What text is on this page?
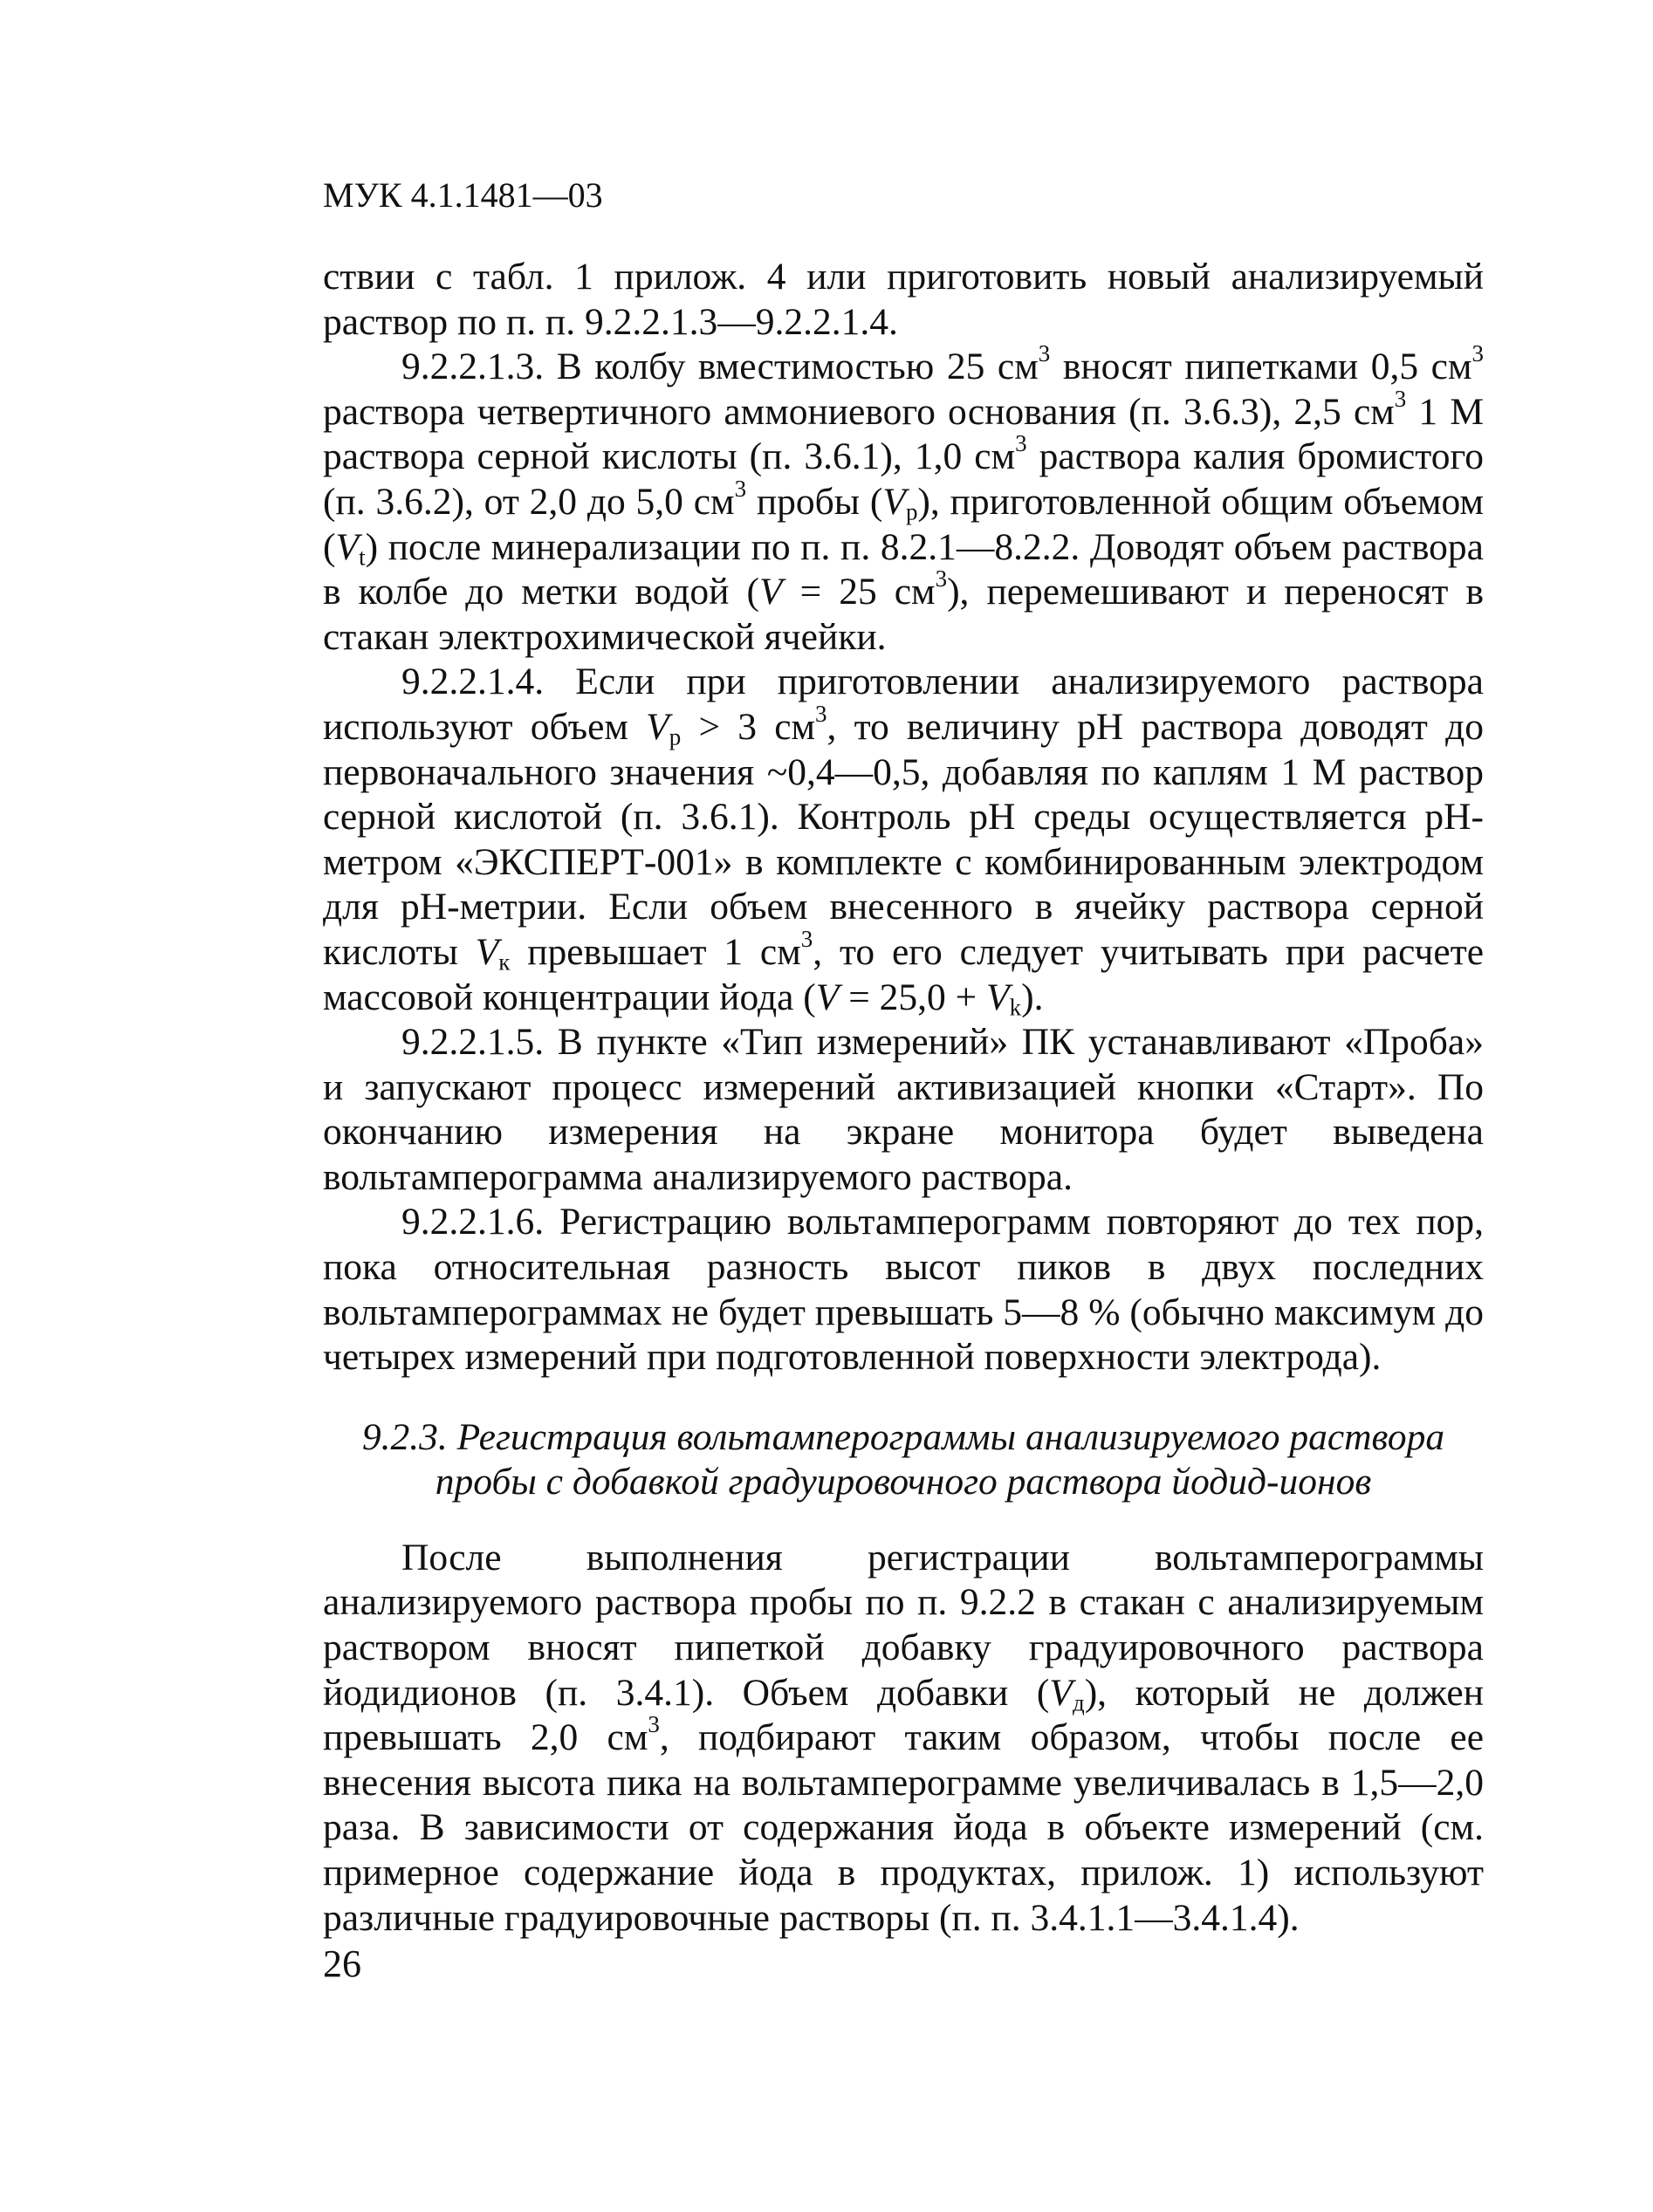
МУК 4.1.1481—03

ствии с табл. 1 прилож. 4 или приготовить новый анализируемый раствор по п. п. 9.2.2.1.3—9.2.2.1.4.

9.2.2.1.3. В колбу вместимостью 25 $см^3$ вносят пипетками 0,5 $см^3$ раствора четвертичного аммониевого основания (п. 3.6.3), 2,5 $см^3$ 1 М раствора серной кислоты (п. 3.6.1), 1,0 $см^3$ раствора калия бромистого (п. 3.6.2), от 2,0 до 5,0 $см^3$ пробы $(V_p)$, приготовленной общим объемом $(V_t)$ после минерализации по п. п. 8.2.1—8.2.2. Доводят объем раствора в колбе до метки водой (V = 25 $см^3$), перемешивают и переносят в стакан электрохимической ячейки.

9.2.2.1.4. Если при приготовлении анализируемого раствора используют объем $V_p > 3$ $см^3$, то величину pH раствора доводят до первоначального значения ~0,4—0,5, добавляя по каплям 1 М раствор серной кислотой (п. 3.6.1). Контроль pH среды осуществляется pH-метром «ЭКСПЕРТ-001» в комплекте с комбинированным электродом для pH-метрии. Если объем внесенного в ячейку раствора серной кислоты $V_к$ превышает 1 $см^3$, то его следует учитывать при расчете массовой концентрации йода $(V = 25,0 + V_k)$.

9.2.2.1.5. В пункте «Тип измерений» ПК устанавливают «Проба» и запускают процесс измерений активизацией кнопки «Старт». По окончанию измерения на экране монитора будет выведена вольтамперограмма анализируемого раствора.

9.2.2.1.6. Регистрацию вольтамперограмм повторяют до тех пор, пока относительная разность высот пиков в двух последних вольтамперограммах не будет превышать 5—8 % (обычно максимум до четырех измерений при подготовленной поверхности электрода).

9.2.3. Регистрация вольтамперограммы анализируемого раствора
пробы с добавкой градуировочного раствора йодид-ионов

После выполнения регистрации вольтамперограммы анализируемого раствора пробы по п. 9.2.2 в стакан с анализируемым раствором вносят пипеткой добавку градуировочного раствора йодидионов (п. 3.4.1). Объем добавки $(V_д)$, который не должен превышать 2,0 $см^3$, подбирают таким образом, чтобы после ее внесения высота пика на вольтамперограмме увеличивалась в 1,5—2,0 раза. В зависимости от содержания йода в объекте измерений (см. примерное содержание йода в продуктах, прилож. 1) используют различные градуировочные растворы (п. п. 3.4.1.1—3.4.1.4).

26
